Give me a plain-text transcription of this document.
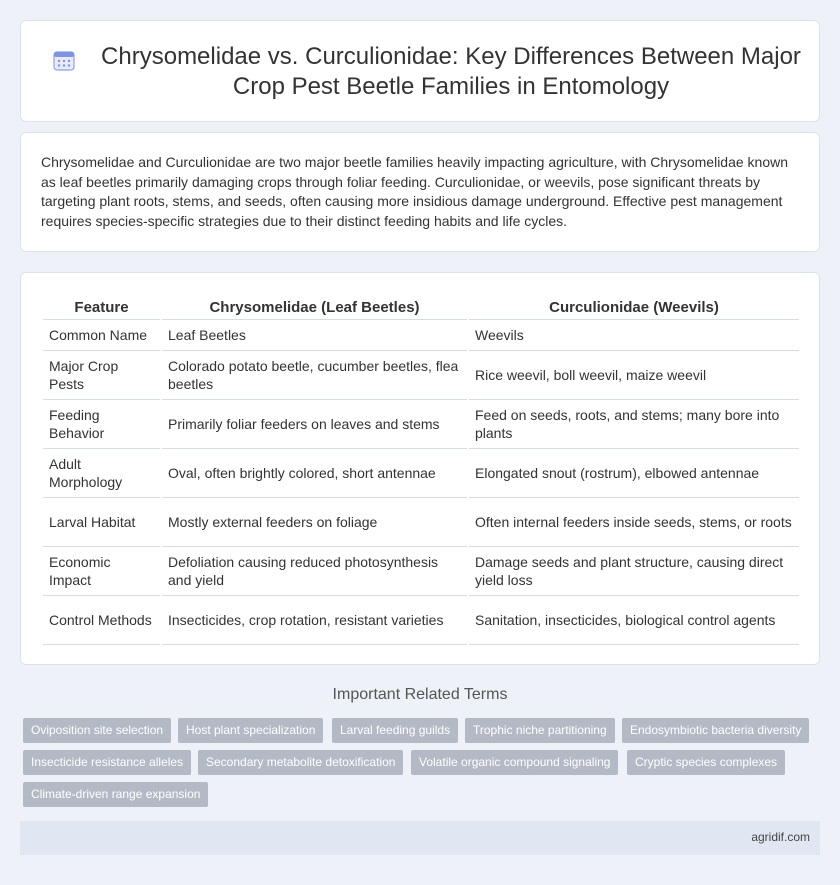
Chrysomelidae vs. Curculionidae: Key Differences Between Major Crop Pest Beetle Families in Entomology

Chrysomelidae and Curculionidae are two major beetle families heavily impacting agriculture, with Chrysomelidae known as leaf beetles primarily damaging crops through foliar feeding. Curculionidae, or weevils, pose significant threats by targeting plant roots, stems, and seeds, often causing more insidious damage underground. Effective pest management requires species-specific strategies due to their distinct feeding habits and life cycles.

Feature	Chrysomelidae (Leaf Beetles)	Curculionidae (Weevils)
Common Name	Leaf Beetles	Weevils
Major Crop Pests	Colorado potato beetle, cucumber beetles, flea beetles	Rice weevil, boll weevil, maize weevil
Feeding Behavior	Primarily foliar feeders on leaves and stems	Feed on seeds, roots, and stems; many bore into plants
Adult Morphology	Oval, often brightly colored, short antennae	Elongated snout (rostrum), elbowed antennae
Larval Habitat	Mostly external feeders on foliage	Often internal feeders inside seeds, stems, or roots
Economic Impact	Defoliation causing reduced photosynthesis and yield	Damage seeds and plant structure, causing direct yield loss
Control Methods	Insecticides, crop rotation, resistant varieties	Sanitation, insecticides, biological control agents
Important Related Terms
Oviposition site selection	Host plant specialization	Larval feeding guilds	Trophic niche partitioning	Endosymbiotic bacteria diversity
Insecticide resistance alleles	Secondary metabolite detoxification	Volatile organic compound signaling	Cryptic species complexes
Climate-driven range expansion
agridif.com
